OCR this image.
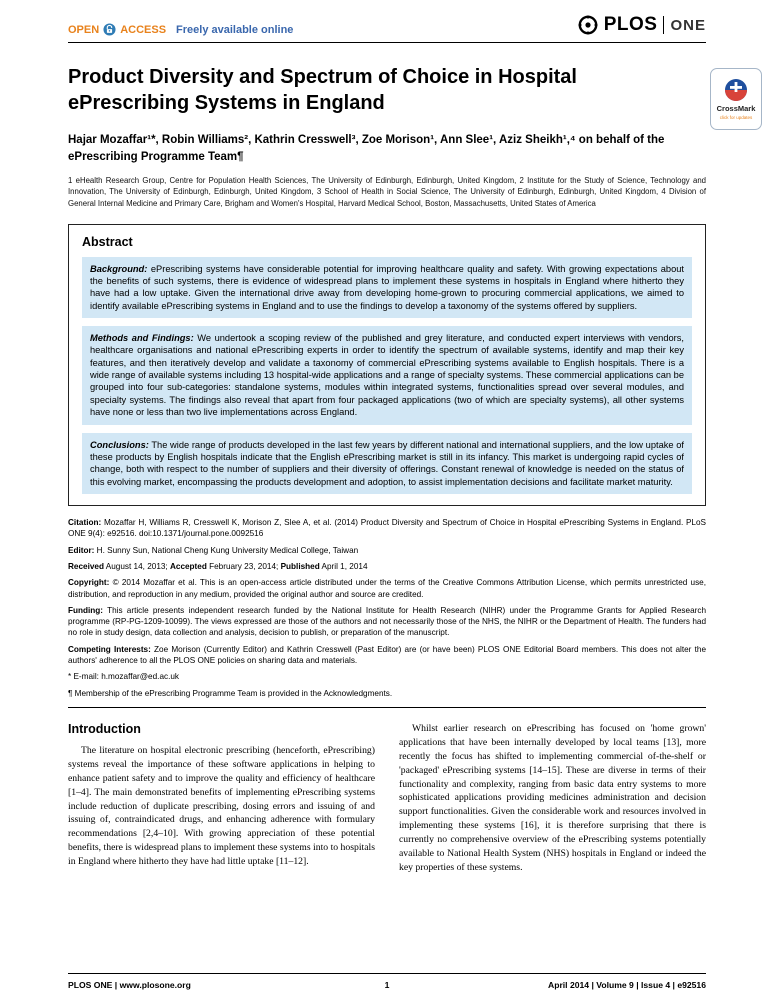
OPEN ACCESS Freely available online	PLOS ONE
CrossMark
click for updates
Product Diversity and Spectrum of Choice in Hospital ePrescribing Systems in England
Hajar Mozaffar¹*, Robin Williams², Kathrin Cresswell³, Zoe Morison¹, Ann Slee¹, Aziz Sheikh¹,⁴ on behalf of the ePrescribing Programme Team¶
1 eHealth Research Group, Centre for Population Health Sciences, The University of Edinburgh, Edinburgh, United Kingdom, 2 Institute for the Study of Science, Technology and Innovation, The University of Edinburgh, Edinburgh, United Kingdom, 3 School of Health in Social Science, The University of Edinburgh, Edinburgh, United Kingdom, 4 Division of General Internal Medicine and Primary Care, Brigham and Women's Hospital, Harvard Medical School, Boston, Massachusetts, United States of America
Abstract

Background: ePrescribing systems have considerable potential for improving healthcare quality and safety. With growing expectations about the benefits of such systems, there is evidence of widespread plans to implement these systems in hospitals in England where hitherto they have had a low uptake. Given the international drive away from developing home-grown to procuring commercial applications, we aimed to identify available ePrescribing systems in England and to use the findings to develop a taxonomy of the systems offered by suppliers.

Methods and Findings: We undertook a scoping review of the published and grey literature, and conducted expert interviews with vendors, healthcare organisations and national ePrescribing experts in order to identify the spectrum of available systems, identify and map their key features, and then iteratively develop and validate a taxonomy of commercial ePrescribing systems available to English hospitals. There is a wide range of available systems including 13 hospital-wide applications and a range of specialty systems. These commercial applications can be grouped into four sub-categories: standalone systems, modules within integrated systems, functionalities spread over several modules, and specialty systems. The findings also reveal that apart from four packaged applications (two of which are specialty systems), all other systems have none or less than two live implementations across England.

Conclusions: The wide range of products developed in the last few years by different national and international suppliers, and the low uptake of these products by English hospitals indicate that the English ePrescribing market is still in its infancy. This market is undergoing rapid cycles of change, both with respect to the number of suppliers and their diversity of offerings. Constant renewal of knowledge is needed on the status of this evolving market, encompassing the products development and adoption, to assist implementation decisions and facilitate market maturity.

Citation: Mozaffar H, Williams R, Cresswell K, Morison Z, Slee A, et al. (2014) Product Diversity and Spectrum of Choice in Hospital ePrescribing Systems in England. PLoS ONE 9(4): e92516. doi:10.1371/journal.pone.0092516

Editor: H. Sunny Sun, National Cheng Kung University Medical College, Taiwan

Received August 14, 2013; Accepted February 23, 2014; Published April 1, 2014

Copyright: © 2014 Mozaffar et al. This is an open-access article distributed under the terms of the Creative Commons Attribution License, which permits unrestricted use, distribution, and reproduction in any medium, provided the original author and source are credited.

Funding: This article presents independent research funded by the National Institute for Health Research (NIHR) under the Programme Grants for Applied Research programme (RP-PG-1209-10099). The views expressed are those of the authors and not necessarily those of the NHS, the NIHR or the Department of Health. The funders had no role in study design, data collection and analysis, decision to publish, or preparation of the manuscript.

Competing Interests: Zoe Morison (Currently Editor) and Kathrin Cresswell (Past Editor) are (or have been) PLOS ONE Editorial Board members. This does not alter the authors' adherence to all the PLOS ONE policies on sharing data and materials.

* E-mail: h.mozaffar@ed.ac.uk

¶ Membership of the ePrescribing Programme Team is provided in the Acknowledgments.

Introduction

The literature on hospital electronic prescribing (henceforth, ePrescribing) systems reveal the importance of these software applications in helping to enhance patient safety and to improve the quality and efficiency of healthcare [1–4]. The main demonstrated benefits of implementing ePrescribing systems include reduction of duplicate prescribing, dosing errors and issuing of and issuing of, contraindicated drugs, and enhancing adherence with formulary recommendations [2,4–10]. With growing appreciation of these potential benefits, there is widespread plans to implement these systems into to hospitals in England where hitherto they have had little uptake [11–12].

Whilst earlier research on ePrescribing has focused on 'home grown' applications that have been internally developed by local teams [13], more recently the focus has shifted to implementing commercial of-the-shelf or 'packaged' ePrescribing systems [14–15]. These are diverse in terms of their functionality and complexity, ranging from basic data entry systems to more sophisticated applications providing medicines administration and decision support functionalities. Given the considerable work and resources involved in implementing these systems [16], it is therefore surprising that there is currently no comprehensive overview of the ePrescribing systems potentially available to National Health System (NHS) hospitals in England or indeed the key properties of these systems.

PLOS ONE | www.plosone.org	1	April 2014 | Volume 9 | Issue 4 | e92516
